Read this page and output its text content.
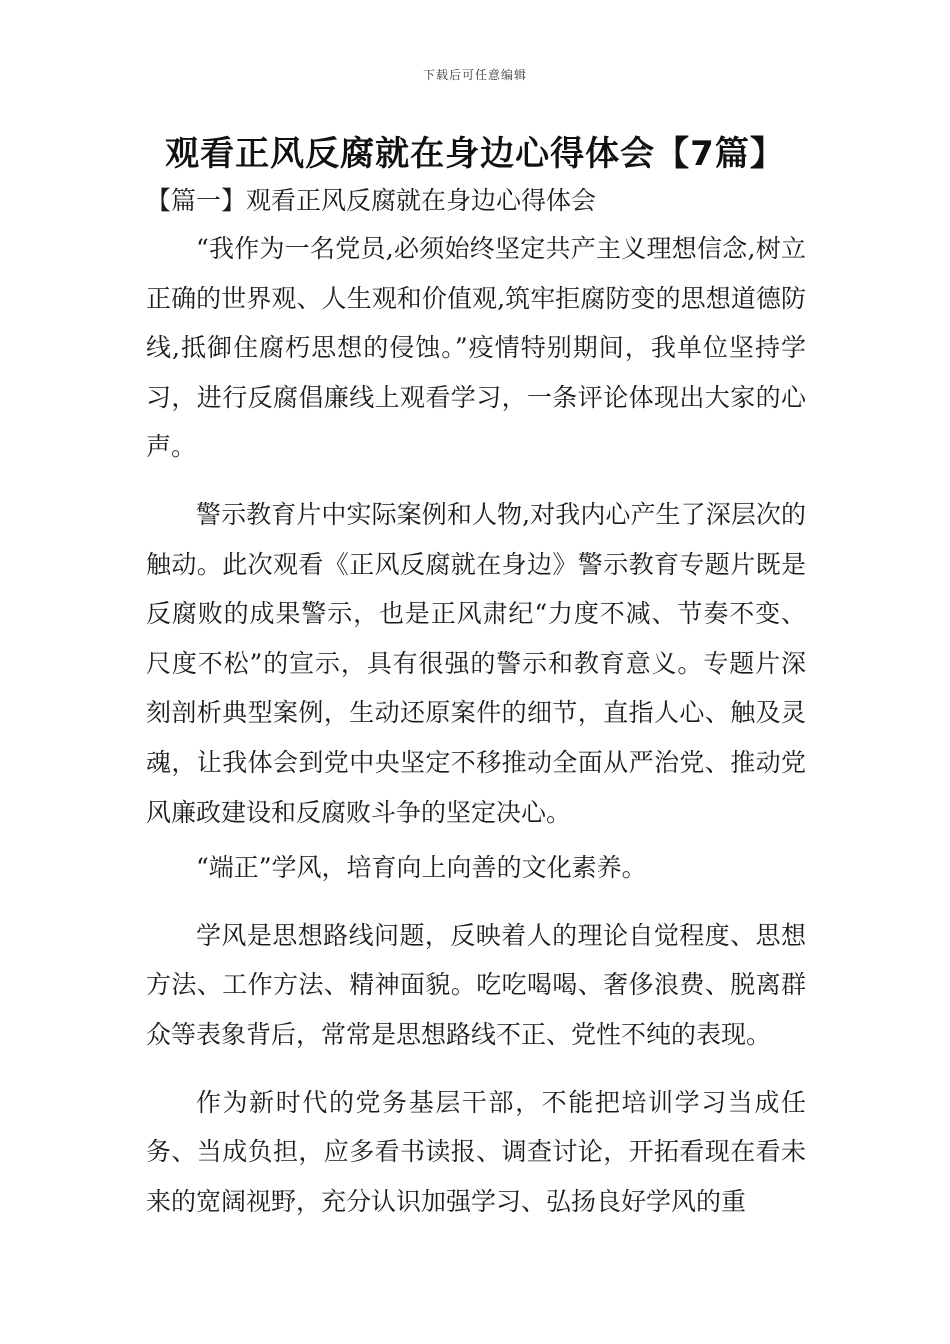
下载后可任意编辑
观看正风反腐就在身边心得体会【7篇】
【篇一】观看正风反腐就在身边心得体会

“我作为一名党员,必须始终坚定共产主义理想信念,树立正确的世界观、人生观和价值观,筑牢拒腐防变的思想道德防线,抵御住腐朽思想的侵蚀。”疫情特别期间，我单位坚持学习，进行反腐倡廉线上观看学习，一条评论体现出大家的心声。

警示教育片中实际案例和人物,对我内心产生了深层次的触动。此次观看《正风反腐就在身边》警示教育专题片既是反腐败的成果警示，也是正风肃纪“力度不减、节奏不变、尺度不松”的宣示，具有很强的警示和教育意义。专题片深刻剖析典型案例，生动还原案件的细节，直指人心、触及灵魂，让我体会到党中央坚定不移推动全面从严治党、推动党风廉政建设和反腐败斗争的坚定决心。

“端正”学风，培育向上向善的文化素养。

学风是思想路线问题，反映着人的理论自觉程度、思想方法、工作方法、精神面貌。吃吃喝喝、奢侈浪费、脱离群众等表象背后，常常是思想路线不正、党性不纯的表现。

作为新时代的党务基层干部，不能把培训学习当成任务、当成负担，应多看书读报、调查讨论，开拓看现在看未来的宽阔视野，充分认识加强学习、弘扬良好学风的重
